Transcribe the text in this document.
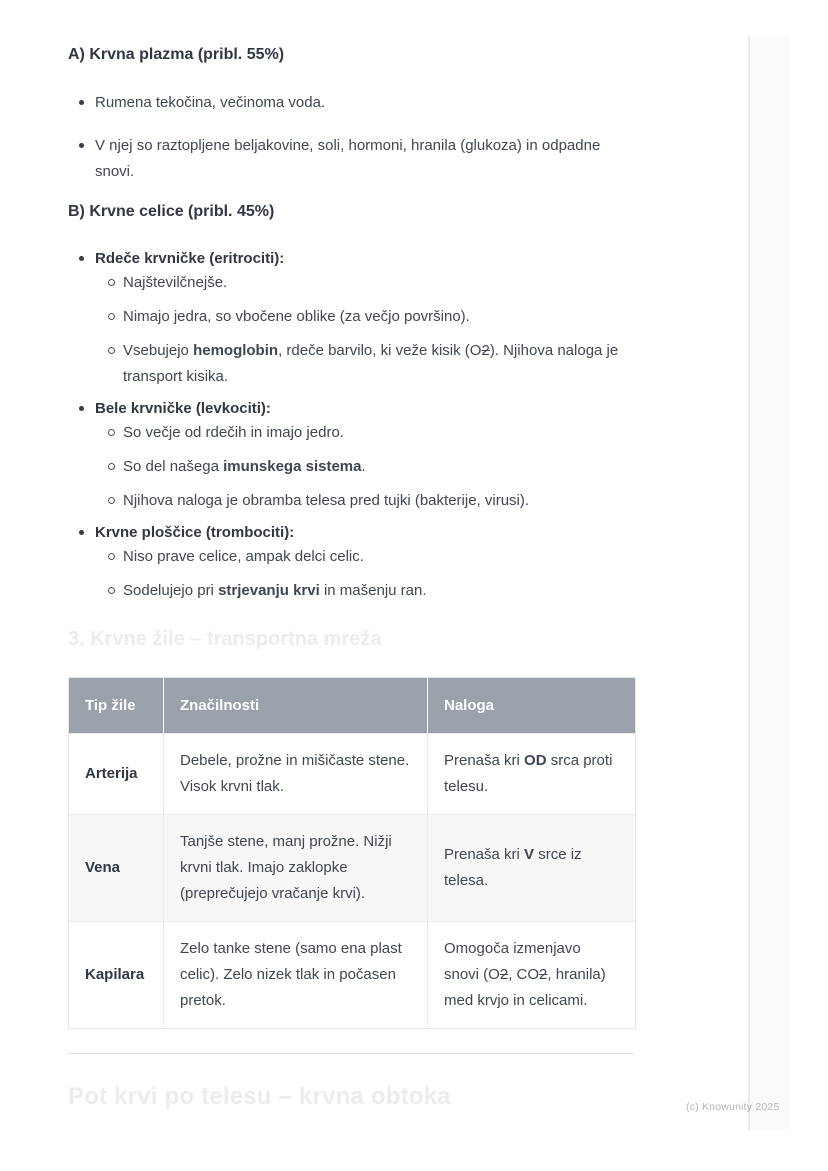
A) Krvna plazma (pribl. 55%)
Rumena tekočina, večinoma voda.
V njej so raztopljene beljakovine, soli, hormoni, hranila (glukoza) in odpadne snovi.
B) Krvne celice (pribl. 45%)
Rdeče krvničke (eritrociti):
Najštevilčnejše.
Nimajo jedra, so vbočene oblike (za večjo površino).
Vsebujejo hemoglobin, rdeče barvilo, ki veže kisik (O2). Njihova naloga je transport kisika.
Bele krvničke (levkociti):
So večje od rdečih in imajo jedro.
So del našega imunskega sistema.
Njihova naloga je obramba telesa pred tujki (bakterije, virusi).
Krvne ploščice (trombociti):
Niso prave celice, ampak delci celic.
Sodelujejo pri strjevanju krvi in mašenju ran.
3. Krvne žile – transportna mreža
Tip žile	Značilnosti	Naloga
Arterija	Debele, prožne in mišičaste stene. Visok krvni tlak.	Prenaša kri OD srca proti telesu.
Vena	Tanjše stene, manj prožne. Nižji krvni tlak. Imajo zaklopke (preprečujejo vračanje krvi).	Prenaša kri V srce iz telesa.
Kapilara	Zelo tanke stene (samo ena plast celic). Zelo nizek tlak in počasen pretok.	Omogoča izmenjavo snovi (O2, CO2, hranila) med krvjo in celicami.
Pot krvi po telesu – krvna obtoka	(c) Knowunity 2025
